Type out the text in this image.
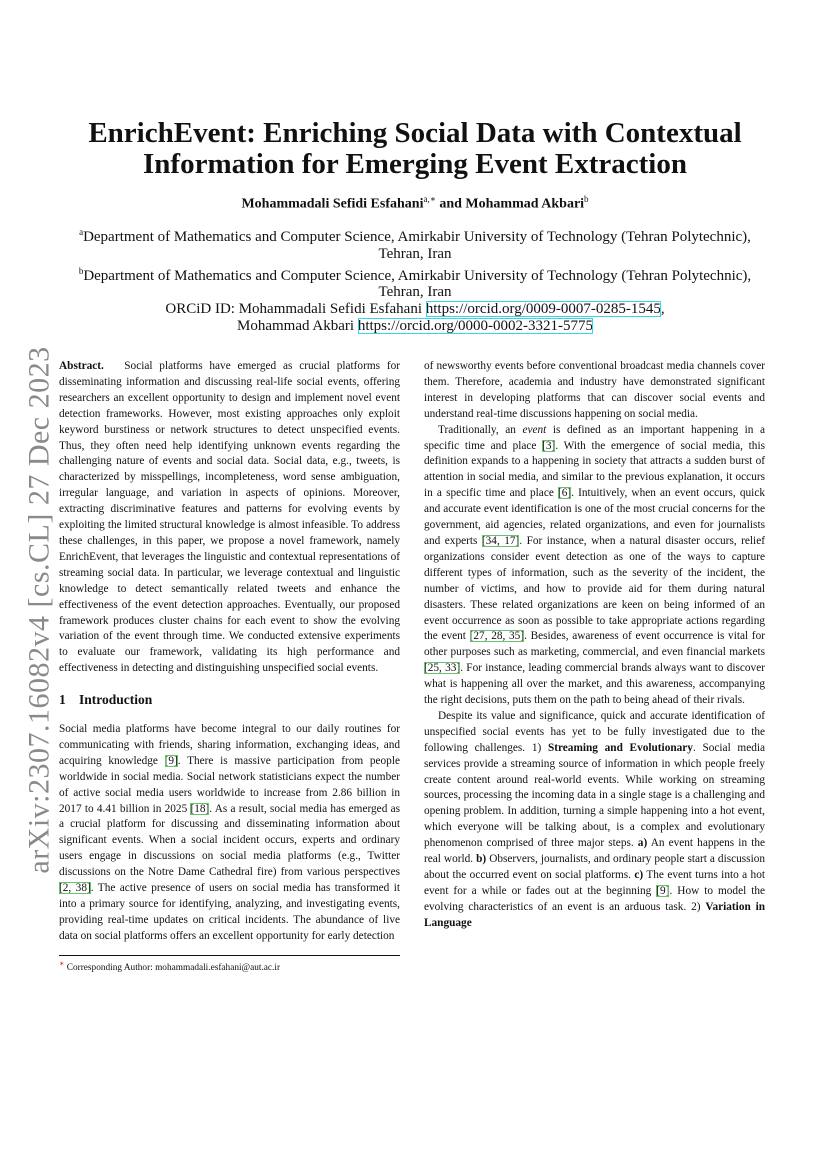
arXiv:2307.16082v4 [cs.CL] 27 Dec 2023
EnrichEvent: Enriching Social Data with Contextual
Information for Emerging Event Extraction
Mohammadali Sefidi Esfahani$^{a,∗}$ and Mohammad Akbari$^b$
$^a$Department of Mathematics and Computer Science, Amirkabir University of Technology (Tehran Polytechnic),
Tehran, Iran
$^b$Department of Mathematics and Computer Science, Amirkabir University of Technology (Tehran Polytechnic),
Tehran, Iran
ORCiD ID: Mohammadali Sefidi Esfahani https://orcid.org/0009-0007-0285-1545,
Mohammad Akbari https://orcid.org/0000-0002-3321-5775

Abstract. Social platforms have emerged as crucial platforms for disseminating information and discussing real-life social events, offering researchers an excellent opportunity to design and implement novel event detection frameworks. However, most existing approaches only exploit keyword burstiness or network structures to detect unspecified events. Thus, they often need help identifying unknown events regarding the challenging nature of events and social data. Social data, e.g., tweets, is characterized by misspellings, incompleteness, word sense ambiguation, irregular language, and variation in aspects of opinions. Moreover, extracting discriminative features and patterns for evolving events by exploiting the limited structural knowledge is almost infeasible. To address these challenges, in this paper, we propose a novel framework, namely EnrichEvent, that leverages the linguistic and contextual representations of streaming social data. In particular, we leverage contextual and linguistic knowledge to detect semantically related tweets and enhance the effectiveness of the event detection approaches. Eventually, our proposed framework produces cluster chains for each event to show the evolving variation of the event through time. We conducted extensive experiments to evaluate our framework, validating its high performance and effectiveness in detecting and distinguishing unspecified social events.

1 Introduction

Social media platforms have become integral to our daily routines for communicating with friends, sharing information, exchanging ideas, and acquiring knowledge [9]. There is massive participation from people worldwide in social media. Social network statisticians expect the number of active social media users worldwide to increase from 2.86 billion in 2017 to 4.41 billion in 2025 [18]. As a result, social media has emerged as a crucial platform for discussing and disseminating information about significant events. When a social incident occurs, experts and ordinary users engage in discussions on social media platforms (e.g., Twitter discussions on the Notre Dame Cathedral fire) from various perspectives [2, 38]. The active presence of users on social media has transformed it into a primary source for identifying, analyzing, and investigating events, providing real-time updates on critical incidents. The abundance of live data on social platforms offers an excellent opportunity for early detection

∗ Corresponding Author: mohammadali.esfahani@aut.ac.ir

of newsworthy events before conventional broadcast media channels cover them. Therefore, academia and industry have demonstrated significant interest in developing platforms that can discover social events and understand real-time discussions happening on social media.

Traditionally, an event is defined as an important happening in a specific time and place [3]. With the emergence of social media, this definition expands to a happening in society that attracts a sudden burst of attention in social media, and similar to the previous explanation, it occurs in a specific time and place [6]. Intuitively, when an event occurs, quick and accurate event identification is one of the most crucial concerns for the government, aid agencies, related organizations, and even for journalists and experts [34, 17]. For instance, when a natural disaster occurs, relief organizations consider event detection as one of the ways to capture different types of information, such as the severity of the incident, the number of victims, and how to provide aid for them during natural disasters. These related organizations are keen on being informed of an event occurrence as soon as possible to take appropriate actions regarding the event [27, 28, 35]. Besides, awareness of event occurrence is vital for other purposes such as marketing, commercial, and even financial markets [25, 33]. For instance, leading commercial brands always want to discover what is happening all over the market, and this awareness, accompanying the right decisions, puts them on the path to being ahead of their rivals.

Despite its value and significance, quick and accurate identification of unspecified social events has yet to be fully investigated due to the following challenges. 1) Streaming and Evolutionary. Social media services provide a streaming source of information in which people freely create content around real-world events. While working on streaming sources, processing the incoming data in a single stage is a challenging and opening problem. In addition, turning a simple happening into a hot event, which everyone will be talking about, is a complex and evolutionary phenomenon comprised of three major steps. a) An event happens in the real world. b) Observers, journalists, and ordinary people start a discussion about the occurred event on social platforms. c) The event turns into a hot event for a while or fades out at the beginning [9]. How to model the evolving characteristics of an event is an arduous task. 2) Variation in Language
